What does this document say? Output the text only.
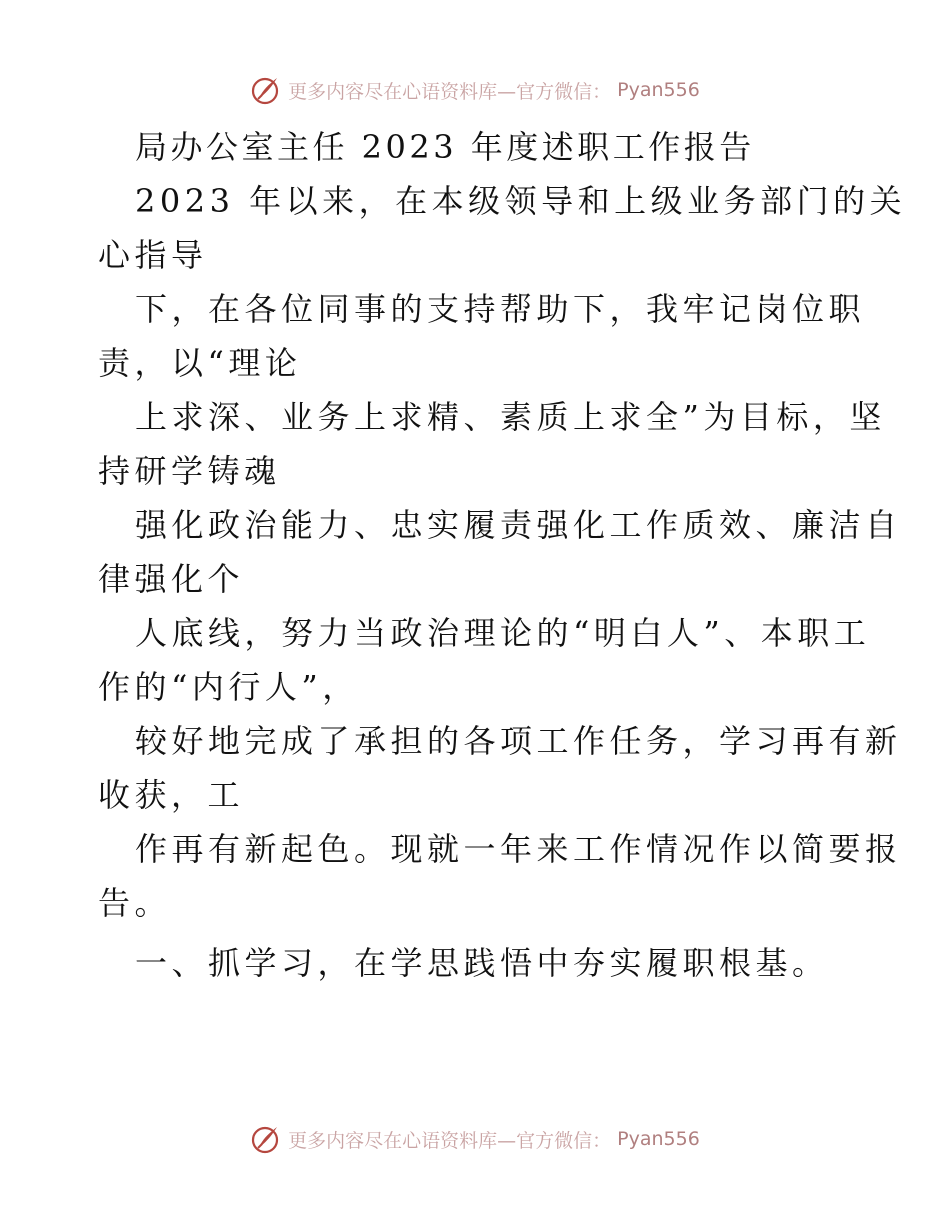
更多内容尽在心语资料库—官方微信： Pyan556
局办公室主任 2023 年度述职工作报告
2023 年以来，在本级领导和上级业务部门的关
心指导
下，在各位同事的支持帮助下，我牢记岗位职
责，以“理论
上求深、业务上求精、素质上求全”为目标，坚
持研学铸魂
强化政治能力、忠实履责强化工作质效、廉洁自
律强化个
人底线，努力当政治理论的“明白人”、本职工
作的“内行人”，
较好地完成了承担的各项工作任务，学习再有新
收获，工
作再有新起色。现就一年来工作情况作以简要报
告。
一、抓学习，在学思践悟中夯实履职根基。
更多内容尽在心语资料库—官方微信： Pyan556
